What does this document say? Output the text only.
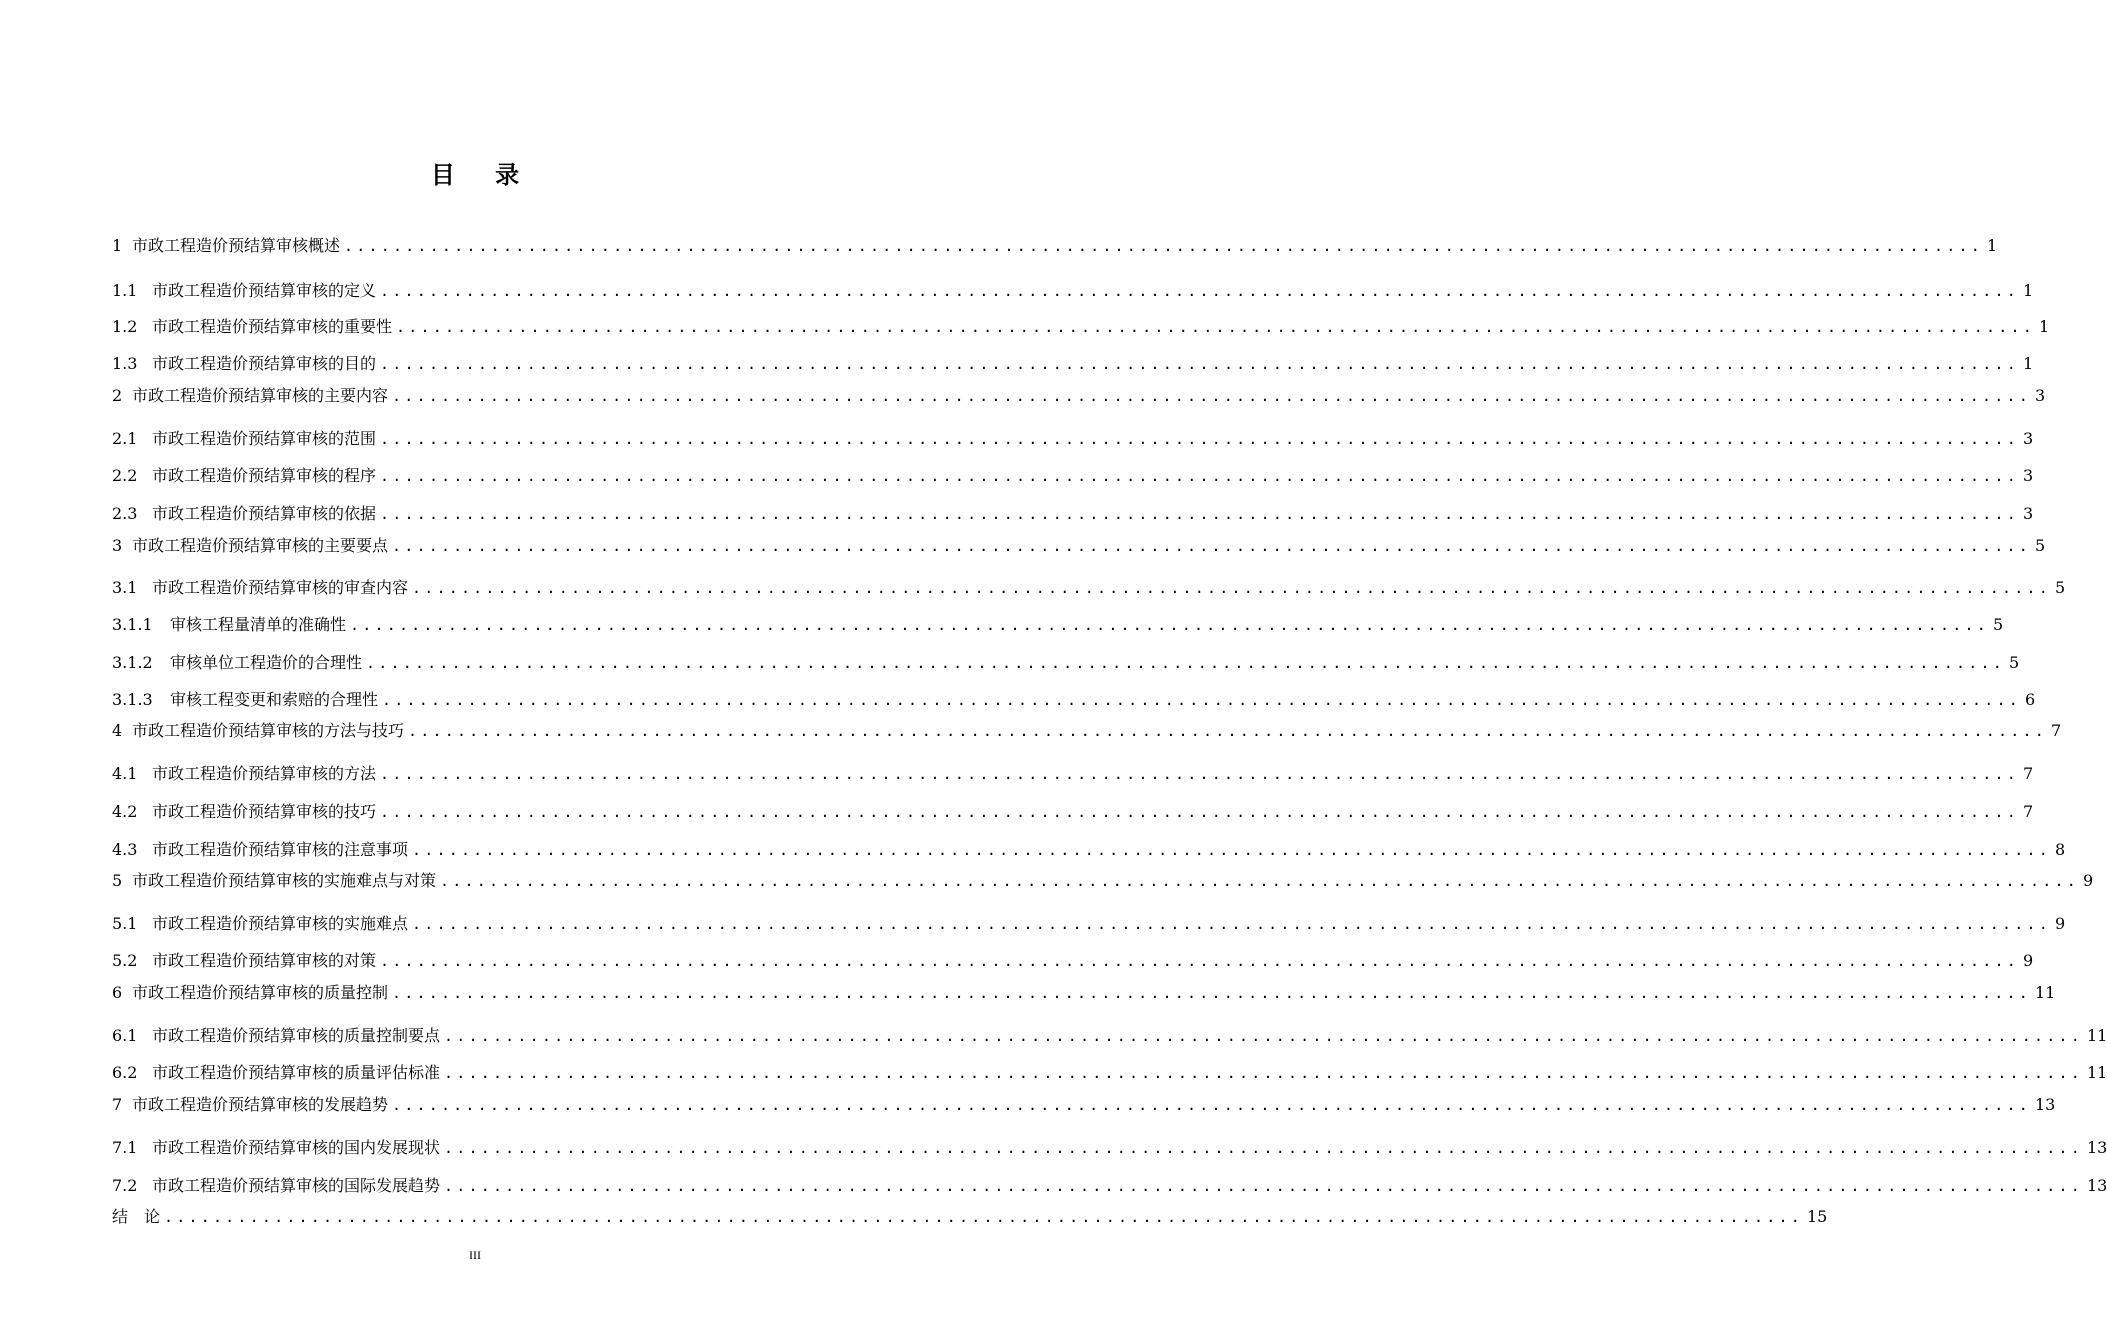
目 录
1 市政工程造价预结算审核概述 ...................................................................................................................................... 1
1.1 市政工程造价预结算审核的定义 ...................................................................................................................................... 1
1.2 市政工程造价预结算审核的重要性 ...................................................................................................................................... 1
1.3 市政工程造价预结算审核的目的 ...................................................................................................................................... 1
2 市政工程造价预结算审核的主要内容 ...................................................................................................................................... 3
2.1 市政工程造价预结算审核的范围 ...................................................................................................................................... 3
2.2 市政工程造价预结算审核的程序 ...................................................................................................................................... 3
2.3 市政工程造价预结算审核的依据 ...................................................................................................................................... 3
3 市政工程造价预结算审核的主要要点 ...................................................................................................................................... 5
3.1 市政工程造价预结算审核的审查内容 ...................................................................................................................................... 5
3.1.1	审核工程量清单的准确性 ...................................................................................................................................... 5
3.1.2	审核单位工程造价的合理性 ...................................................................................................................................... 5
3.1.3	审核工程变更和索赔的合理性 ...................................................................................................................................... 6
4 市政工程造价预结算审核的方法与技巧 ...................................................................................................................................... 7
4.1 市政工程造价预结算审核的方法 ...................................................................................................................................... 7
4.2 市政工程造价预结算审核的技巧 ...................................................................................................................................... 7
4.3 市政工程造价预结算审核的注意事项 ...................................................................................................................................... 8
5 市政工程造价预结算审核的实施难点与对策 ...................................................................................................................................... 9
5.1 市政工程造价预结算审核的实施难点 ...................................................................................................................................... 9
5.2 市政工程造价预结算审核的对策 ...................................................................................................................................... 9
6 市政工程造价预结算审核的质量控制 ...................................................................................................................................... 11
6.1 市政工程造价预结算审核的质量控制要点 ...................................................................................................................................... 11
6.2 市政工程造价预结算审核的质量评估标准 ...................................................................................................................................... 11
7 市政工程造价预结算审核的发展趋势 ...................................................................................................................................... 13
7.1 市政工程造价预结算审核的国内发展现状 ...................................................................................................................................... 13
7.2 市政工程造价预结算审核的国际发展趋势 ...................................................................................................................................... 13
结　论 ...................................................................................................................................... 15
III
